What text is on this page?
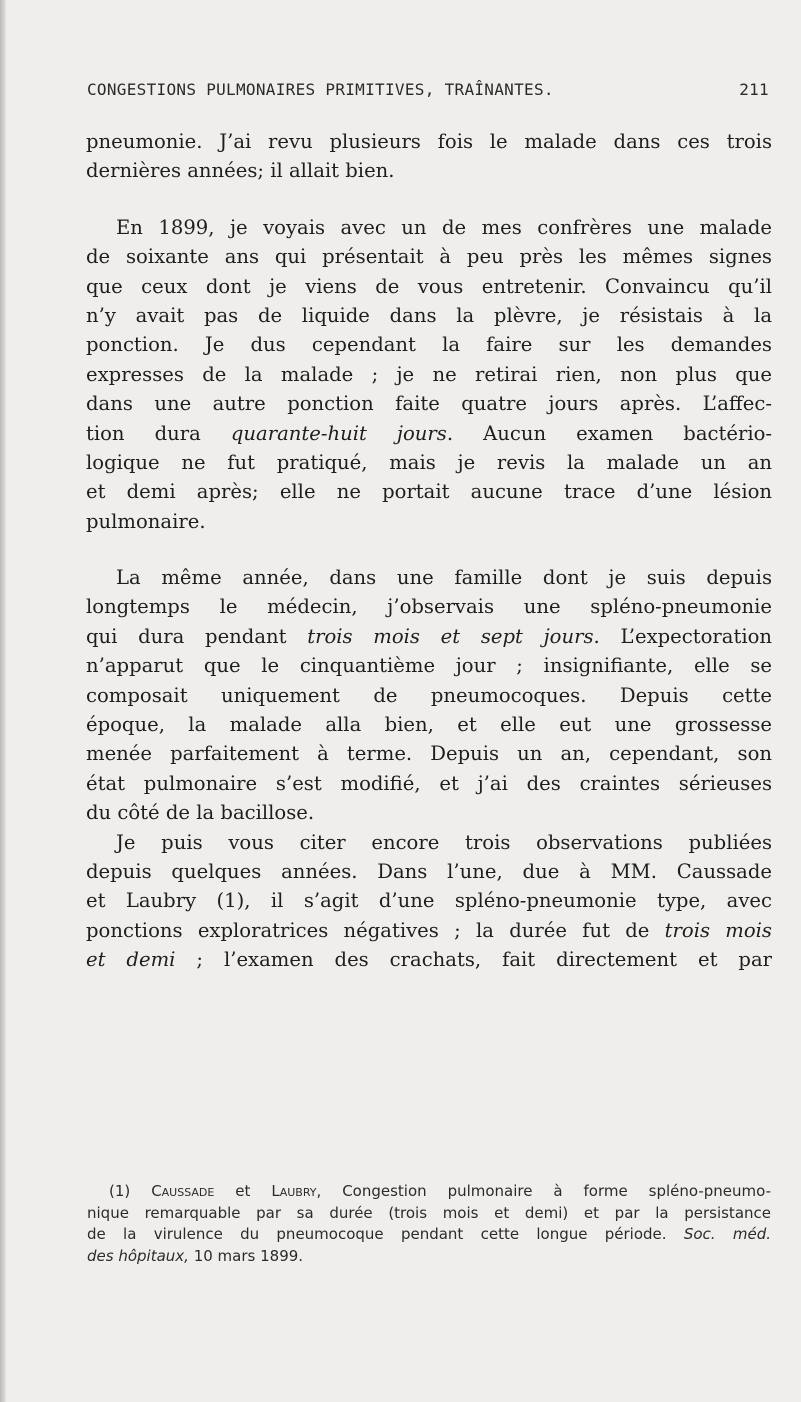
CONGESTIONS PULMONAIRES PRIMITIVES, TRAÎNANTES.	211
pneumonie. J’ai revu plusieurs fois le malade dans ces trois
dernières années; il allait bien.
En 1899, je voyais avec un de mes confrères une malade
de soixante ans qui présentait à peu près les mêmes signes
que ceux dont je viens de vous entretenir. Convaincu qu’il
n’y avait pas de liquide dans la plèvre, je résistais à la
ponction. Je dus cependant la faire sur les demandes
expresses de la malade ; je ne retirai rien, non plus que
dans une autre ponction faite quatre jours après. L’affec-
tion dura quarante-huit jours. Aucun examen bactério-
logique ne fut pratiqué, mais je revis la malade un an
et demi après; elle ne portait aucune trace d’une lésion
pulmonaire.
La même année, dans une famille dont je suis depuis
longtemps le médecin, j’observais une spléno-pneumonie
qui dura pendant trois mois et sept jours. L’expectoration
n’apparut que le cinquantième jour ; insignifiante, elle se
composait uniquement de pneumocoques. Depuis cette
époque, la malade alla bien, et elle eut une grossesse
menée parfaitement à terme. Depuis un an, cependant, son
état pulmonaire s’est modifié, et j’ai des craintes sérieuses
du côté de la bacillose.
Je puis vous citer encore trois observations publiées
depuis quelques années. Dans l’une, due à MM. Caussade
et Laubry (1), il s’agit d’une spléno-pneumonie type, avec
ponctions exploratrices négatives ; la durée fut de trois mois
et demi ; l’examen des crachats, fait directement et par
(1) Caussade et Laubry, Congestion pulmonaire à forme spléno-pneumo-
nique remarquable par sa durée (trois mois et demi) et par la persistance
de la virulence du pneumocoque pendant cette longue période. Soc. méd.
des hôpitaux, 10 mars 1899.
